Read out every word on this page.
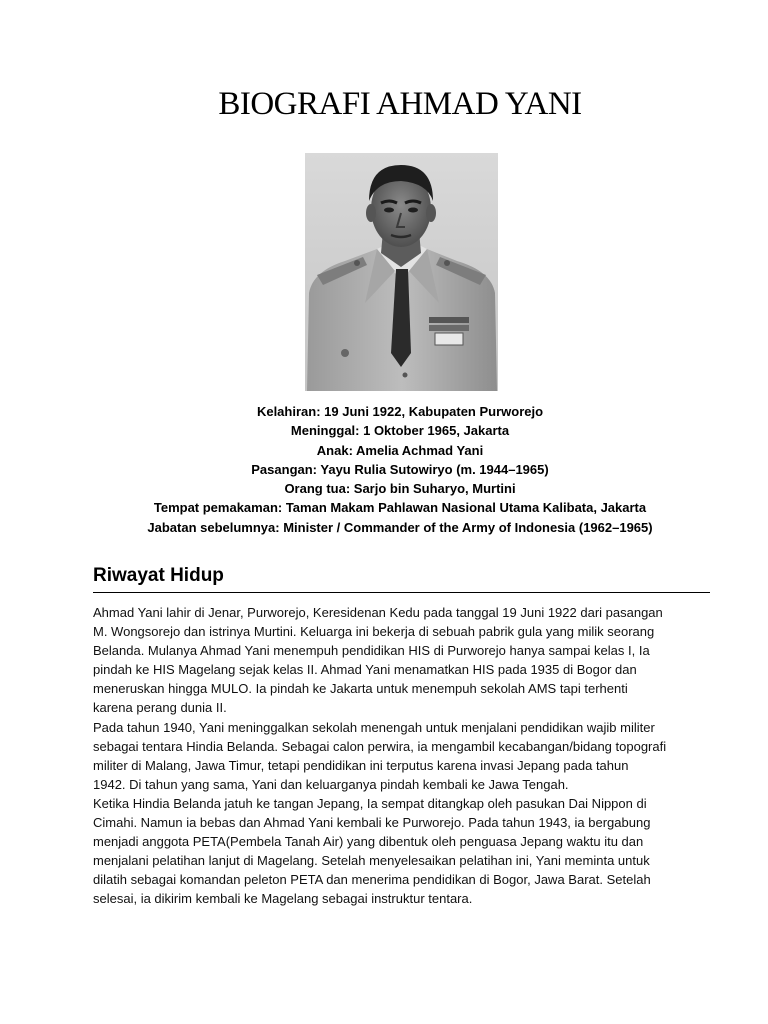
BIOGRAFI AHMAD YANI
Kelahiran: 19 Juni 1922, Kabupaten Purworejo
Meninggal: 1 Oktober 1965, Jakarta
Anak: Amelia Achmad Yani
Pasangan: Yayu Rulia Sutowiryo (m. 1944–1965)
Orang tua: Sarjo bin Suharyo, Murtini
Tempat pemakaman: Taman Makam Pahlawan Nasional Utama Kalibata, Jakarta
Jabatan sebelumnya: Minister / Commander of the Army of Indonesia (1962–1965)
Riwayat Hidup
Ahmad Yani lahir di Jenar, Purworejo, Keresidenan Kedu pada tanggal 19 Juni 1922 dari pasangan
M. Wongsorejo dan istrinya Murtini. Keluarga ini bekerja di sebuah pabrik gula yang milik seorang
Belanda. Mulanya Ahmad Yani menempuh pendidikan HIS di Purworejo hanya sampai kelas I, Ia
pindah ke HIS Magelang sejak kelas II. Ahmad Yani menamatkan HIS pada 1935 di Bogor dan
meneruskan hingga MULO. Ia pindah ke Jakarta untuk menempuh sekolah AMS tapi terhenti
karena perang dunia II.
Pada tahun 1940, Yani meninggalkan sekolah menengah untuk menjalani pendidikan wajib militer
sebagai tentara Hindia Belanda. Sebagai calon perwira, ia mengambil kecabangan/bidang topografi
militer di Malang, Jawa Timur, tetapi pendidikan ini terputus karena invasi Jepang pada tahun
1942. Di tahun yang sama, Yani dan keluarganya pindah kembali ke Jawa Tengah.
Ketika Hindia Belanda jatuh ke tangan Jepang, Ia sempat ditangkap oleh pasukan Dai Nippon di
Cimahi. Namun ia bebas dan Ahmad Yani kembali ke Purworejo. Pada tahun 1943, ia bergabung
menjadi anggota PETA(Pembela Tanah Air) yang dibentuk oleh penguasa Jepang waktu itu dan
menjalani pelatihan lanjut di Magelang. Setelah menyelesaikan pelatihan ini, Yani meminta untuk
dilatih sebagai komandan peleton PETA dan menerima pendidikan di Bogor, Jawa Barat. Setelah
selesai, ia dikirim kembali ke Magelang sebagai instruktur tentara.
